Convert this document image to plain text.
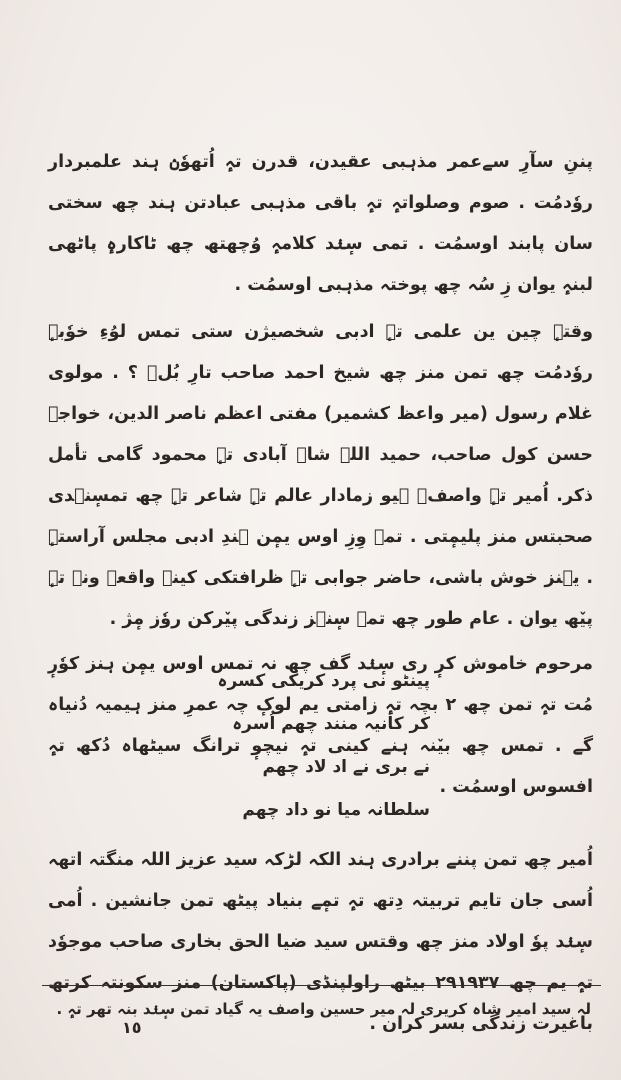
پننِ سآرِ سےعمر مذہبی عقیدن، قدرن تہٕ اُتھوٗنٛ ہند علمبردار روٗدمُت . صوم وصلواتہٕ تہٕ باقی مذہبی عبادتن ہند چھ سختی سان پابند اوسمُت . تمی سٕنٛد کلامہٕ وُچھتھ چھ ٹاکارہٕ پاٹھی لبنہٕ یوان زِ سُہ چھ پوختہ مذہبی اوسمُت .

وقتہٕ چین ین علمی تہٕ ادبی شخصیژن ستی تمس لوُءِ خوٗبہٕ روٗدمُت چھ تمن منز چھ شیخ احمد صاحب تارِ بُلؔ ؟ . مولوی غلام رسول (میر واعظ کشمیر) مفتی اعظم ناصر الدین، خواجہ حسن کول صاحب، حمید اللہ شاہ آبادی تہٕ محمود گامی تأمل ذکر. اُمیر تہٕ واصفؔ ہیو زمادار عالم تہٕ شاعر تہٕ چھ تمسٕنٛدی صحبتس منز پلیمٕتی . تمہ وِزِ اوس یمٕن ہندِ ادبی مجلس آراستہٕ . یہنز خوش باشی، حاضر جوابی تہٕ ظرافتکی کینہ واقعہ ونہ تہٕ پیٚھ یوان . عام طور چھ تمہ سٕنٛز زندگی پیٚرکن روٗز مٕژ .

مرحوم خاموش کرٕ ری سٕنٛد گف چھ نہ تمس اوس یمٕن ہنز کوٗرٕ مُت تہٕ تمن چھ ۲ بچہ تہٕ زامتی یم لوکٕ چہ عمرِ منز ہیمیہ دُنیاہ گے . تمس چھ بیٚنہ ہنے کینی تہٕ نیچوٕ ترانگ سیٹھاہ دُکھ تہٕ افسوس اوسمُت .

پینٹو نی پرد کریکی کسرہ
کر کانیہ منند چھم اُسرہ
نے بری نے اد لاد چھم
سلطانہ میا نو داد چھم

اُمیر چھ تمن پننے برادری ہند الکہ لڑکہ سید عزیز اللہ منگتہ اتھہ اُسی جان تایم تربیتہ دِتھ تہٕ تمٕے بنیاد پیٹھ تمن جانشین . اُمی سٕنٛد پوٗ اولاد منز چھ وقتس سید ضیا الحق بخاری صاحب موجوٗد تہٕ یم چھ ۲۹۱۹۳۷ بیٹھ راولپنڈی (پاکستان) منز سکونتہ کرتھ باغیرت زندگی بسر کران .

لہ سید امیر شاہ کریری لہ میر حسین واصف یہ گیاد تمن سٕنٛد بنہ تھر تہٕ .
١٥
